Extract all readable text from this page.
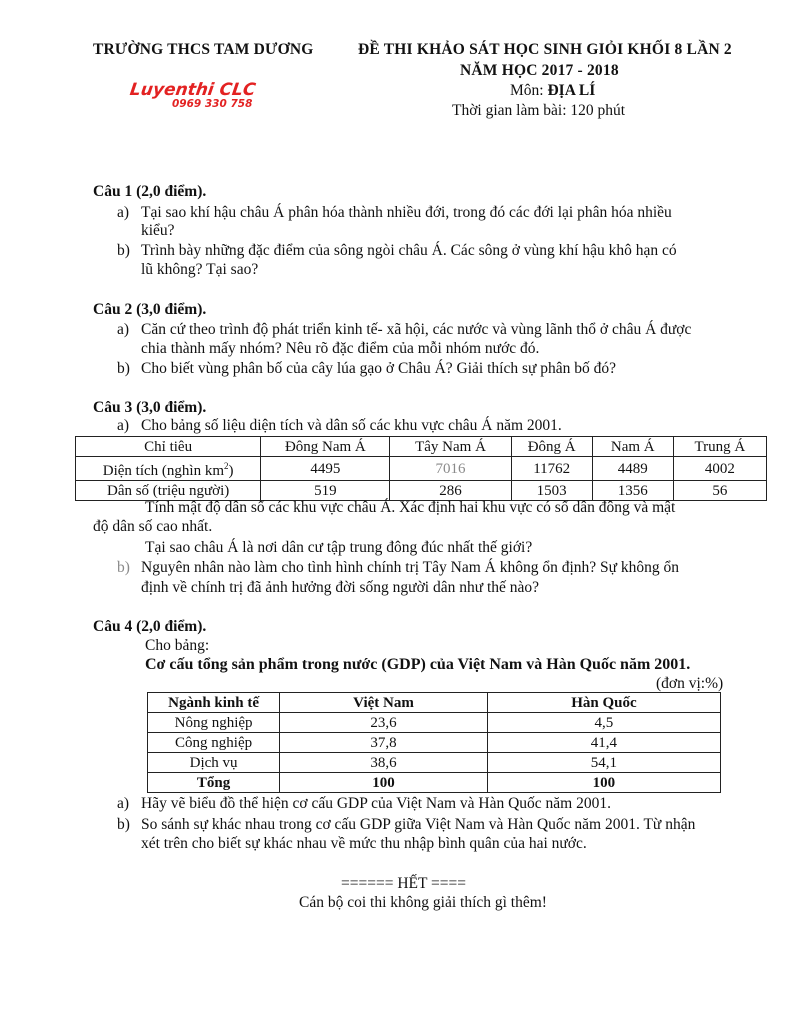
TRƯỜNG THCS TAM DƯƠNG	ĐỀ THI KHẢO SÁT HỌC SINH GIỎI KHỐI 8 LẦN 2
NĂM HỌC 2017 - 2018
Môn: ĐỊA LÍ
Thời gian làm bài: 120 phút
Luyenthi CLC
0969 330 758
Câu 1 (2,0 điểm).
a) Tại sao khí hậu châu Á phân hóa thành nhiều đới, trong đó các đới lại phân hóa nhiều
kiểu?
b) Trình bày những đặc điểm của sông ngòi châu Á. Các sông ở vùng khí hậu khô hạn có
lũ không? Tại sao?
Câu 2 (3,0 điểm).
a) Căn cứ theo trình độ phát triển kinh tế- xã hội, các nước và vùng lãnh thổ ở châu Á được
chia thành mấy nhóm? Nêu rõ đặc điểm của mỗi nhóm nước đó.
b) Cho biết vùng phân bố của cây lúa gạo ở Châu Á? Giải thích sự phân bố đó?
Câu 3 (3,0 điểm).
a) Cho bảng số liệu diện tích và dân số các khu vực châu Á năm 2001.
Chỉ tiêu	Đông Nam Á	Tây Nam Á	Đông Á	Nam Á	Trung Á
Diện tích (nghìn $km^2$)	4495	7016	11762	4489	4002
Dân số (triệu người)	519	286	1503	1356	56
Tính mật độ dân số các khu vực châu Á. Xác định hai khu vực có số dân đông và mật
độ dân số cao nhất.
Tại sao châu Á là nơi dân cư tập trung đông đúc nhất thế giới?
b) Nguyên nhân nào làm cho tình hình chính trị Tây Nam Á không ổn định? Sự không ổn
định về chính trị đã ảnh hưởng đời sống người dân như thế nào?
Câu 4 (2,0 điểm).
Cho bảng:
Cơ cấu tổng sản phẩm trong nước (GDP) của Việt Nam và Hàn Quốc năm 2001.
(đơn vị:%)
Ngành kinh tế	Việt Nam	Hàn Quốc
Nông nghiệp	23,6	4,5
Công nghiệp	37,8	41,4
Dịch vụ	38,6	54,1
Tổng	100	100
a) Hãy vẽ biểu đồ thể hiện cơ cấu GDP của Việt Nam và Hàn Quốc năm 2001.
b) So sánh sự khác nhau trong cơ cấu GDP giữa Việt Nam và Hàn Quốc năm 2001. Từ nhận
xét trên cho biết sự khác nhau về mức thu nhập bình quân của hai nước.
====== HẾT ====
Cán bộ coi thi không giải thích gì thêm!
